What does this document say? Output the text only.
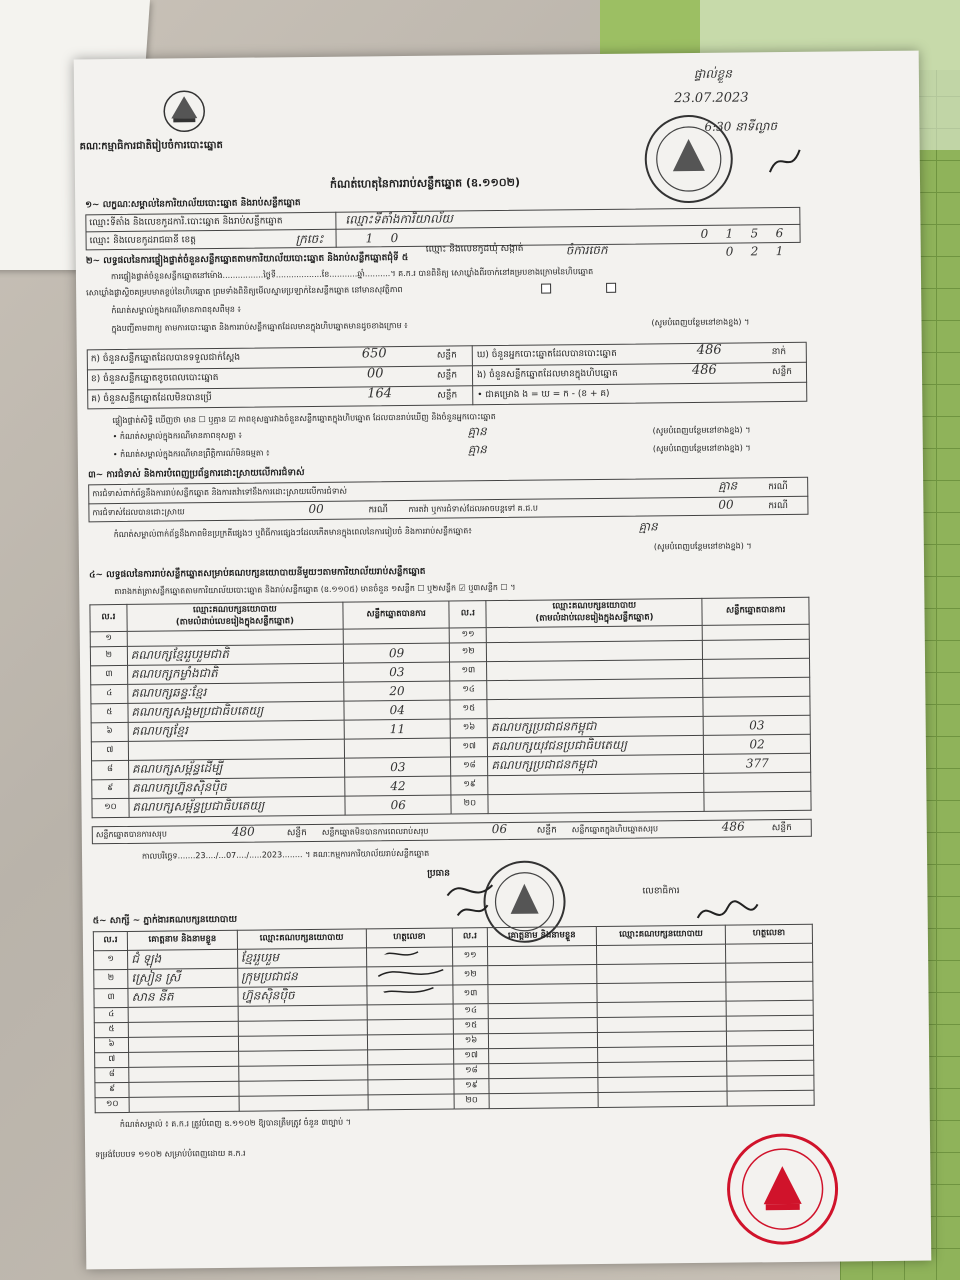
គណៈកម្មាធិការជាតិរៀបចំការបោះឆ្នោត
ផ្ទាល់ខ្លួន
23.07.2023
6:30 នាទីល្ងាច
កំណត់ហេតុនៃការរាប់សន្លឹកឆ្នោត (ឧ.១១០២)
១~ លក្ខណៈសម្គាល់នៃការិយាល័យបោះឆ្នោត និងរាប់សន្លឹកឆ្នោត
ឈ្មោះទីតាំង និងលេខកូដការិ.បោះឆ្នោត និងរាប់សន្លឹកឆ្នោត	ឈ្មោះទីតាំងការិយាល័យ
0 1 5 6
ឈ្មោះ និងលេខកូដរាជធានី ខេត្ត	ក្រចេះ	1 0
ឈ្មោះ និងលេខកូដឃុំ សង្កាត់	ចំការចេក	0 2 1
២~ លទ្ធផលនៃការផ្ទៀងផ្ទាត់ចំនួនសន្លឹកឆ្នោតតាមការិយាល័យបោះឆ្នោត និងរាប់សន្លឹកឆ្នោតជុំទី ៥
ការផ្ទៀងផ្ទាត់ចំនួនសន្លឹកឆ្នោតនៅម៉ោង................ថ្ងៃទី..................ខែ...........ឆ្នាំ..........។ គ.ក.រ បានពិនិត្យ សោឃ្លាំងពីរចាក់នៅគម្របខាងក្រោមនៃហិបឆ្នោត
សោឃ្លាំងផ្លាស្ទិចគម្របមាតខ្ចប់នៃហិបឆ្នោត ព្រមទាំងពិនិត្យមើលស្នាមប្រឡាក់នៃសន្លឹកឆ្នោត នៅមានសុវត្ថិភាព
កំណត់សម្គាល់ក្នុងករណីមានភាពខុសពីមុន ៖
ក្នុងបញ្ជីតាមពាក្យ តាមការបោះឆ្នោត និងការរាប់សន្លឹកឆ្នោតដែលមានក្នុងហិបឆ្នោតមានដូចខាងក្រោម ៖	(សូមបំពេញបន្ថែមនៅខាងខ្នង) ។
ក) ចំនួនសន្លឹកឆ្នោតដែលបានទទួលជាក់ស្តែង	650	សន្លឹក ឃ) ចំនួនអ្នកបោះឆ្នោតដែលបានបោះឆ្នោត	486	នាក់
ខ) ចំនួនសន្លឹកឆ្នោតខូចពេលបោះឆ្នោត	00	សន្លឹក ង) ចំនួនសន្លឹកឆ្នោតដែលមានក្នុងហិបឆ្នោត	486	សន្លឹក
គ) ចំនួនសន្លឹកឆ្នោតដែលមិនបានប្រើ	164	សន្លឹក • ជាគម្រោង ង = ឃ = ក - (ខ + គ)
ផ្ទៀងផ្ទាត់សិទ្ធិ ឃើញថា មាន ☐ ឬគ្មាន ☑ ភាពខុសគ្នារវាងចំនួនសន្លឹកឆ្នោតក្នុងហិបឆ្នោត ដែលបានរាប់ឃើញ និងចំនួនអ្នកបោះឆ្នោត
• កំណត់សម្គាល់ក្នុងករណីមានភាពខុសគ្នា ៖	គ្មាន	(សូមបំពេញបន្ថែមនៅខាងខ្នង) ។
• កំណត់សម្គាល់ក្នុងករណីមានព្រឹត្តិការណ៍មិនធម្មតា ៖	គ្មាន	(សូមបំពេញបន្ថែមនៅខាងខ្នង) ។
៣~ ការជំទាស់ និងការបំពេញប្រព័ន្ធការដោះស្រាយលើការជំទាស់
ការជំទាស់ពាក់ព័ន្ធនឹងការរាប់សន្លឹកឆ្នោត និងការតវ៉ាទៅនឹងការដោះស្រាយលើការជំទាស់	គ្មាន	ករណី
ការជំទាស់ដែលបានដោះស្រាយ	00	ករណី	ការតវ៉ា ឬការជំទាស់ដែលអាចបន្តទៅ គ.ជ.ប	00	ករណី
កំណត់សម្គាល់ពាក់ព័ន្ធនឹងភាពមិនប្រក្រតីផ្សេងៗ ឬពិធីការផ្សេងៗដែលកើតមានក្នុងពេលនៃការរៀបចំ និងការរាប់សន្លឹកឆ្នោត៖	គ្មាន
(សូមបំពេញបន្ថែមនៅខាងខ្នង) ។
៤~ លទ្ធផលនៃការរាប់សន្លឹកឆ្នោតសម្រាប់គណបក្សនយោបាយនីមួយៗតាមការិយាល័យរាប់សន្លឹកឆ្នោត
តារាងកត់ត្រាសន្លឹកឆ្នោតតាមការិយាល័យបោះឆ្នោត និងរាប់សន្លឹកឆ្នោត (ឧ.១១០៥) មានចំនួន ១សន្លឹក ☐ ឬ២សន្លឹក ☑ ឬ៣សន្លឹក ☐ ។
ល.រ	ឈ្មោះគណបក្សនយោបាយ
(តាមលំដាប់លេខរៀងក្នុងសន្លឹកឆ្នោត)	សន្លឹកឆ្នោតបានការ	ល.រ	ឈ្មោះគណបក្សនយោបាយ
(តាមលំដាប់លេខរៀងក្នុងសន្លឹកឆ្នោត)	សន្លឹកឆ្នោតបានការ
១			១១		
២	គណបក្សខ្មែររួបរួមជាតិ	09	១២		
៣	គណបក្សកម្លាំងជាតិ	03	១៣		
៤	គណបក្សឆន្ទៈខ្មែរ	20	១៤		
៥	គណបក្សសង្គមប្រជាធិបតេយ្យ	04	១៥		
៦	គណបក្សខ្មែរ	11	១៦	គណបក្សប្រជាជនកម្ពុជា	03
៧			១៧	គណបក្សយុវជនប្រជាធិបតេយ្យ	02
៨	គណបក្សសម្ព័ន្ធដើម្បី	03	១៨	គណបក្សប្រជាជនកម្ពុជា	377
៩	គណបក្សហ្វ៊ុនស៊ិនប៉ិច	42	១៩		
១០	គណបក្សសម្ព័ន្ធប្រជាធិបតេយ្យ	06	២០		
សន្លឹកឆ្នោតបានការសរុប	480	សន្លឹក សន្លឹកឆ្នោតមិនបានការពេលរាប់សរុប	06	សន្លឹក សន្លឹកឆ្នោតក្នុងហិបឆ្នោតសរុប	486	សន្លឹក
កាលបរិច្ឆេទ.......23..../...07..../.....2023........ ។ គណៈកម្មការការិយាល័យរាប់សន្លឹកឆ្នោត
ប្រធាន
លេខាធិការ
៥~ សាក្សី ~ ភ្នាក់ងារគណបក្សនយោបាយ
ល.រ	គោត្តនាម និងនាមខ្លួន	ឈ្មោះគណបក្សនយោបាយ	ហត្ថលេខា	ល.រ	គោត្តនាម និងនាមខ្លួន	ឈ្មោះគណបក្សនយោបាយ	ហត្ថលេខា
១	ជំ ឡុង	ខ្មែររួបរួម		១១			
២	ស្រៀន ស្រី	ក្រុមប្រជាជន		១២			
៣	សាន នីត	ហ្វ៊ុនស៊ិនប៉ិច		១៣			
៤				១៤			
៥				១៥			
៦				១៦			
៧				១៧			
៨				១៨			
៩				១៩			
១០				២០			
កំណត់សម្គាល់ ៖ គ.ក.រ ត្រូវបំពេញ ឧ.១១០២ ឱ្យបានត្រឹមត្រូវ ចំនួន ៣ច្បាប់ ។
ទម្រង់បែបបទ ១១០២ សម្រាប់បំពេញដោយ គ.ក.រ
